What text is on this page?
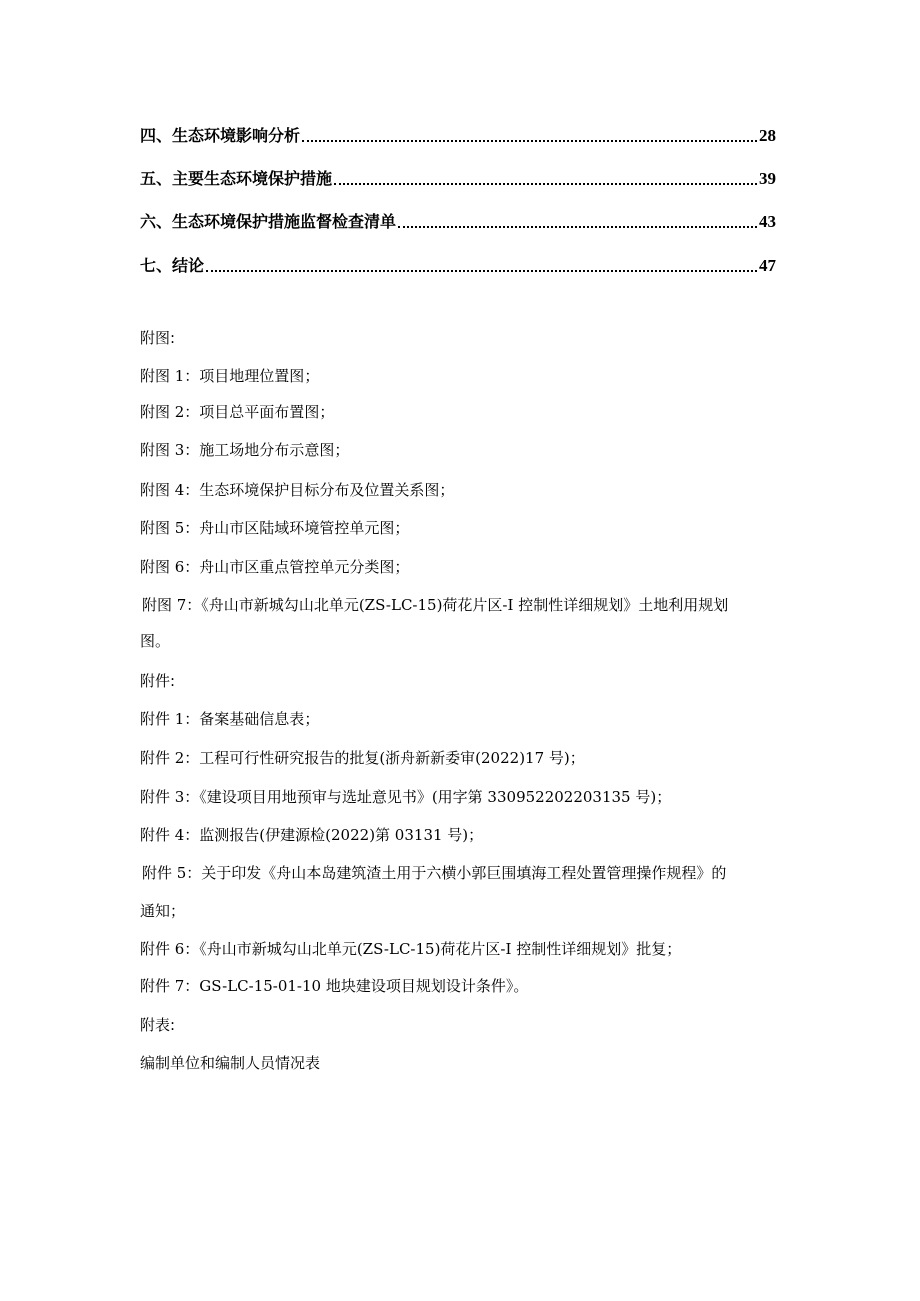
四、生态环境影响分析	28
五、主要生态环境保护措施	39
六、生态环境保护措施监督检查清单	43
七、结论	47
附图:
附图 1：项目地理位置图；
附图 2：项目总平面布置图；
附图 3：施工场地分布示意图；
附图 4：生态环境保护目标分布及位置关系图；
附图 5：舟山市区陆域环境管控单元图；
附图 6：舟山市区重点管控单元分类图；
附图 7：《舟山市新城勾山北单元(ZS-LC-15)荷花片区-I 控制性详细规划》土地利用规划
图。
附件:
附件 1：备案基础信息表；
附件 2：工程可行性研究报告的批复(浙舟新新委审(2022)17 号)；
附件 3：《建设项目用地预审与选址意见书》(用字第 330952202203135 号)；
附件 4：监测报告(伊建源检(2022)第 03131 号)；
附件 5：关于印发《舟山本岛建筑渣土用于六横小郭巨围填海工程处置管理操作规程》的
通知；
附件 6：《舟山市新城勾山北单元(ZS-LC-15)荷花片区-I 控制性详细规划》批复；
附件 7：GS-LC-15-01-10 地块建设项目规划设计条件》。
附表:
编制单位和编制人员情况表
